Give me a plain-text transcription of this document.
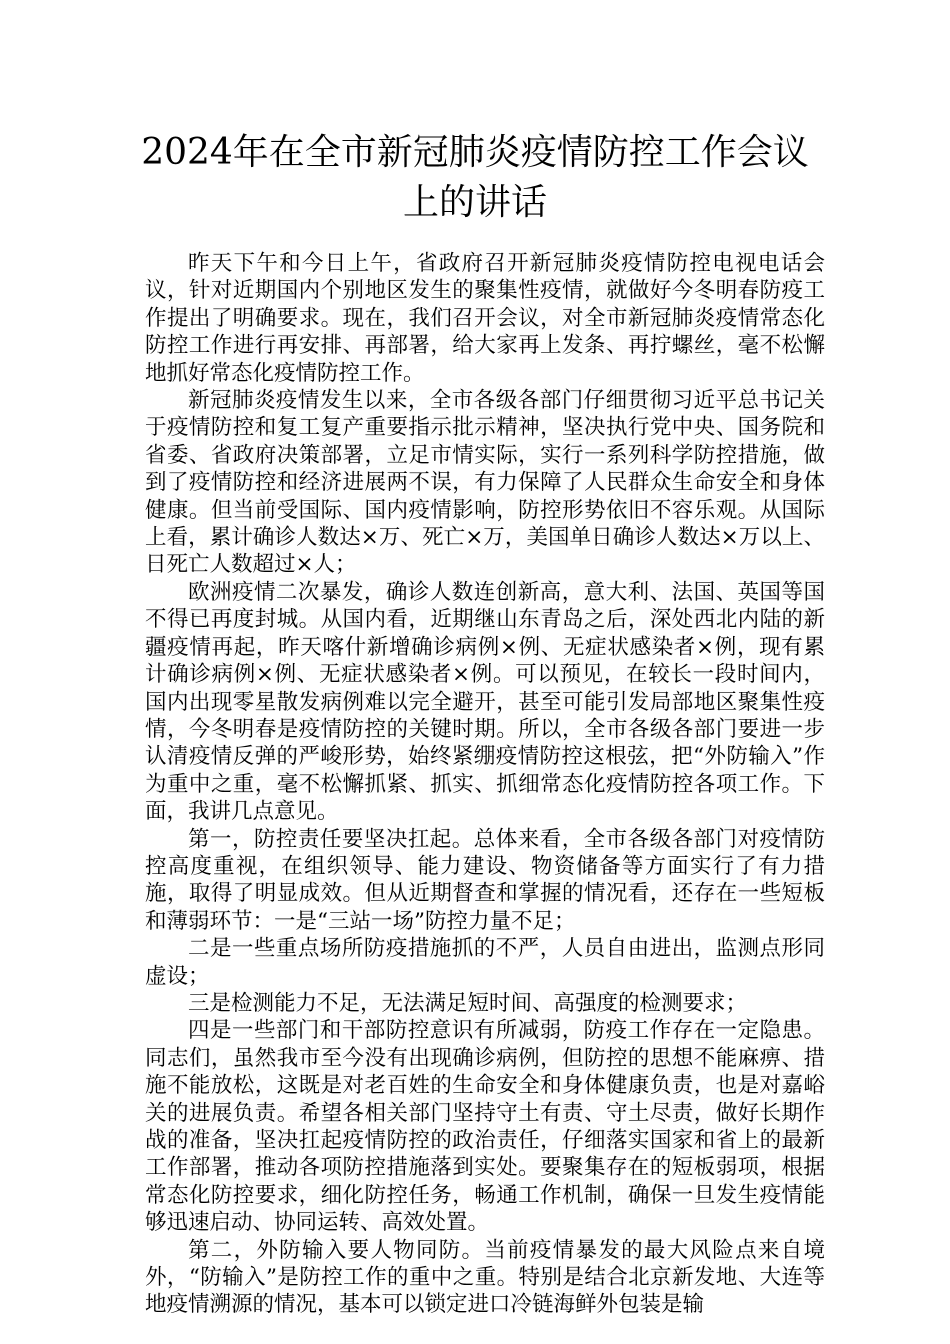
2024年在全市新冠肺炎疫情防控工作会议上的讲话

昨天下午和今日上午，省政府召开新冠肺炎疫情防控电视电话会议，针对近期国内个别地区发生的聚集性疫情，就做好今冬明春防疫工作提出了明确要求。现在，我们召开会议，对全市新冠肺炎疫情常态化防控工作进行再安排、再部署，给大家再上发条、再拧螺丝，毫不松懈地抓好常态化疫情防控工作。

新冠肺炎疫情发生以来，全市各级各部门仔细贯彻习近平总书记关于疫情防控和复工复产重要指示批示精神，坚决执行党中央、国务院和省委、省政府决策部署，立足市情实际，实行一系列科学防控措施，做到了疫情防控和经济进展两不误，有力保障了人民群众生命安全和身体健康。但当前受国际、国内疫情影响，防控形势依旧不容乐观。从国际上看，累计确诊人数达×万、死亡×万，美国单日确诊人数达×万以上、日死亡人数超过×人；

欧洲疫情二次暴发，确诊人数连创新高，意大利、法国、英国等国不得已再度封城。从国内看，近期继山东青岛之后，深处西北内陆的新疆疫情再起，昨天喀什新增确诊病例×例、无症状感染者×例，现有累计确诊病例×例、无症状感染者×例。可以预见，在较长一段时间内，国内出现零星散发病例难以完全避开，甚至可能引发局部地区聚集性疫情，今冬明春是疫情防控的关键时期。所以，全市各级各部门要进一步认清疫情反弹的严峻形势，始终紧绷疫情防控这根弦，把“外防输入”作为重中之重，毫不松懈抓紧、抓实、抓细常态化疫情防控各项工作。下面，我讲几点意见。

第一，防控责任要坚决扛起。总体来看，全市各级各部门对疫情防控高度重视，在组织领导、能力建设、物资储备等方面实行了有力措施，取得了明显成效。但从近期督查和掌握的情况看，还存在一些短板和薄弱环节：一是“三站一场”防控力量不足；

二是一些重点场所防疫措施抓的不严，人员自由进出，监测点形同虚设；

三是检测能力不足，无法满足短时间、高强度的检测要求；

四是一些部门和干部防控意识有所减弱，防疫工作存在一定隐患。同志们，虽然我市至今没有出现确诊病例，但防控的思想不能麻痹、措施不能放松，这既是对老百姓的生命安全和身体健康负责，也是对嘉峪关的进展负责。希望各相关部门坚持守土有责、守土尽责，做好长期作战的准备，坚决扛起疫情防控的政治责任，仔细落实国家和省上的最新工作部署，推动各项防控措施落到实处。要聚集存在的短板弱项，根据常态化防控要求，细化防控任务，畅通工作机制，确保一旦发生疫情能够迅速启动、协同运转、高效处置。

第二，外防输入要人物同防。当前疫情暴发的最大风险点来自境外，“防输入”是防控工作的重中之重。特别是结合北京新发地、大连等地疫情溯源的情况，基本可以锁定进口冷链海鲜外包装是输
